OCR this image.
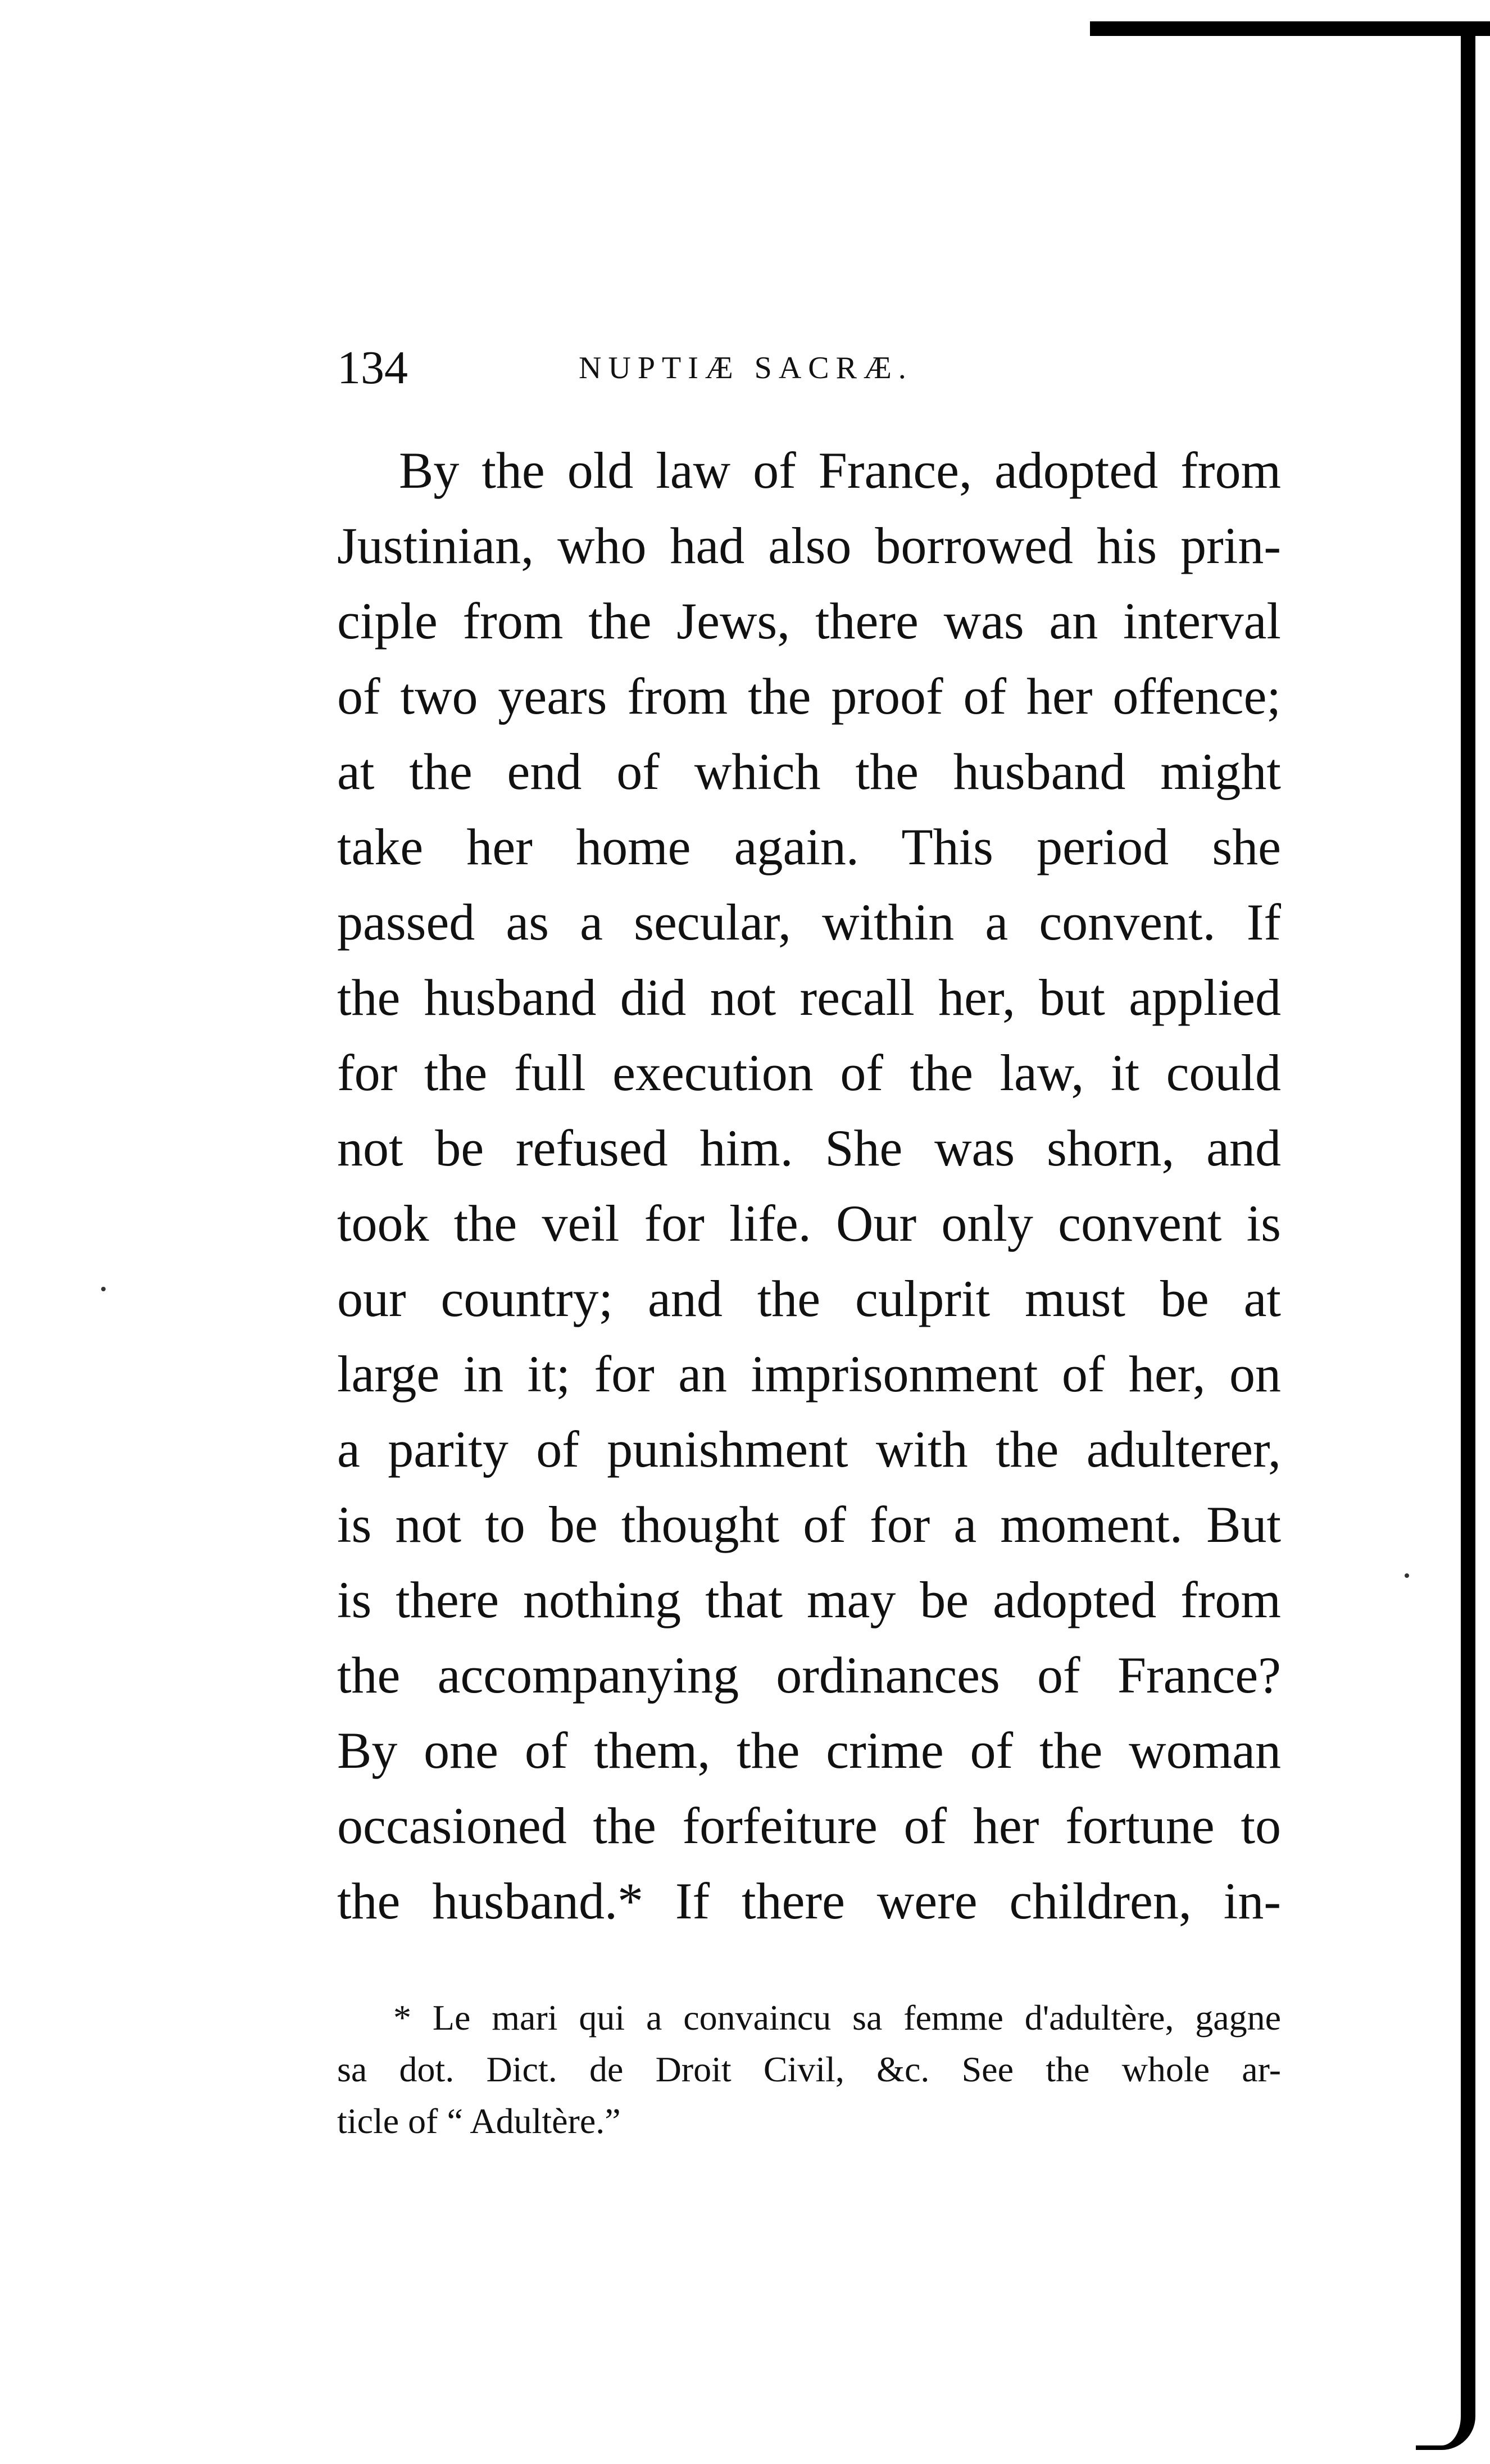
134	NUPTIÆ SACRÆ.
By the old law of France, adopted from
Justinian, who had also borrowed his prin-
ciple from the Jews, there was an interval
of two years from the proof of her offence;
at the end of which the husband might
take her home again. This period she
passed as a secular, within a convent. If
the husband did not recall her, but applied
for the full execution of the law, it could
not be refused him. She was shorn, and
took the veil for life. Our only convent is
our country; and the culprit must be at
large in it; for an imprisonment of her, on
a parity of punishment with the adulterer,
is not to be thought of for a moment. But
is there nothing that may be adopted from
the accompanying ordinances of France?
By one of them, the crime of the woman
occasioned the forfeiture of her fortune to
the husband.* If there were children, in-
* Le mari qui a convaincu sa femme d'adultère, gagne
sa dot. Dict. de Droit Civil, &c. See the whole ar-
ticle of “ Adultère.”
